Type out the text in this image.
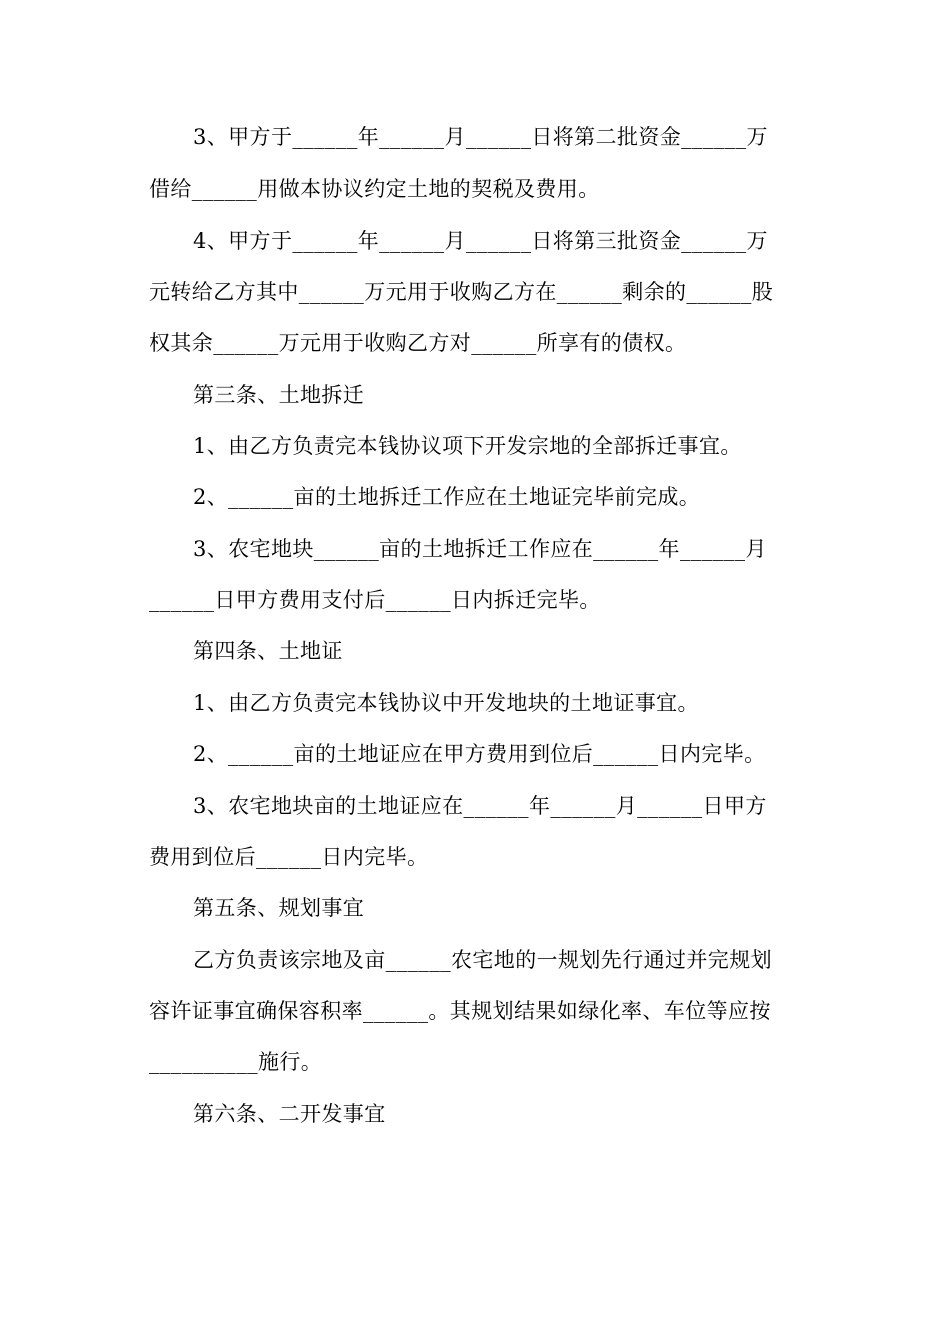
3、甲方于______年______月______日将第二批资金______万
借给______用做本协议约定土地的契税及费用。
4、甲方于______年______月______日将第三批资金______万
元转给乙方其中______万元用于收购乙方在______剩余的______股
权其余______万元用于收购乙方对______所享有的债权。
第三条、土地拆迁
1、由乙方负责完本钱协议项下开发宗地的全部拆迁事宜。
2、______亩的土地拆迁工作应在土地证完毕前完成。
3、农宅地块______亩的土地拆迁工作应在______年______月
______日甲方费用支付后______日内拆迁完毕。
第四条、土地证
1、由乙方负责完本钱协议中开发地块的土地证事宜。
2、______亩的土地证应在甲方费用到位后______日内完毕。
3、农宅地块亩的土地证应在______年______月______日甲方
费用到位后______日内完毕。
第五条、规划事宜
乙方负责该宗地及亩______农宅地的一规划先行通过并完规划
容许证事宜确保容积率______。其规划结果如绿化率、车位等应按
__________施行。
第六条、二开发事宜
